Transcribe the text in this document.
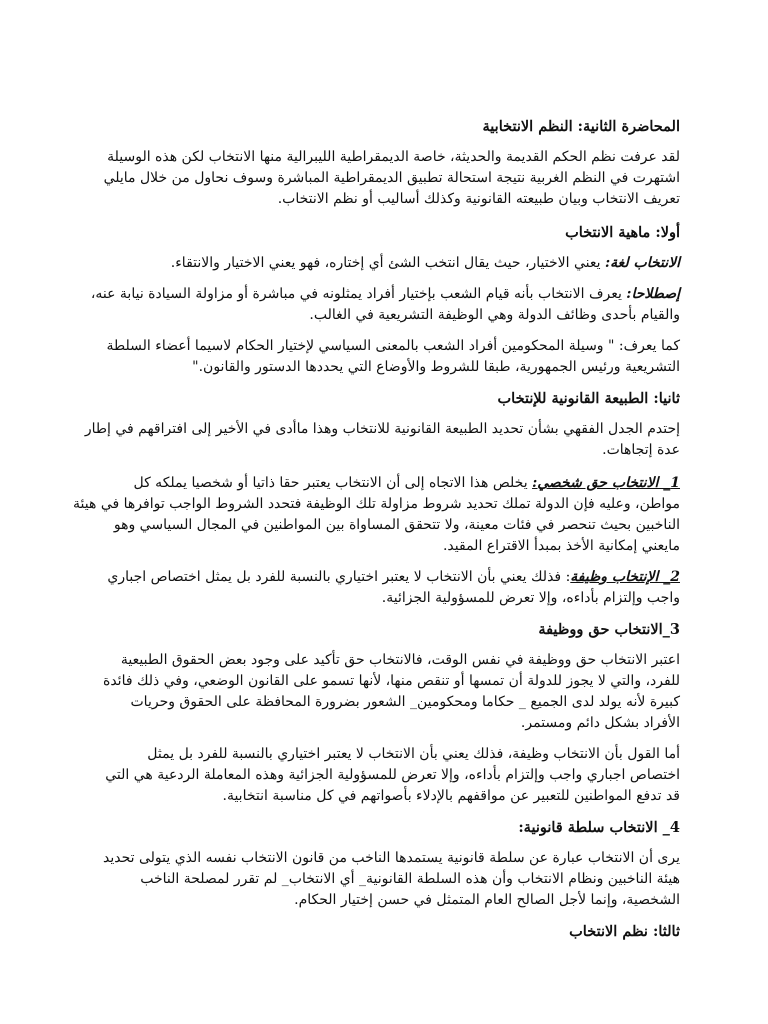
المحاضرة الثانية: النظم الانتخابية
لقد عرفت نظم الحكم القديمة والحديثة، خاصة الديمقراطية الليبرالية منها الانتخاب لكن هذه الوسيلة
اشتهرت في النظم الغربية نتيجة استحالة تطبيق الديمقراطية المباشرة وسوف نحاول من خلال مايلي
تعريف الانتخاب وبيان طبيعته القانونية وكذلك أساليب أو نظم الانتخاب.
أولا: ماهية الانتخاب
الانتخاب لغة: يعني الاختيار، حيث يقال انتخب الشئ أي إختاره، فهو يعني الاختيار والانتقاء.
إصطلاحا: يعرف الانتخاب بأنه قيام الشعب بإختيار أفراد يمثلونه في مباشرة أو مزاولة السيادة نيابة عنه،
والقيام بأحدى وظائف الدولة وهي الوظيفة التشريعية في الغالب.
كما يعرف: " وسيلة المحكومين أفراد الشعب بالمعنى السياسي لإختيار الحكام لاسيما أعضاء السلطة
التشريعية ورئيس الجمهورية، طبقا للشروط والأوضاع التي يحددها الدستور والقانون."
ثانيا: الطبيعة القانونية للإنتخاب
إحتدم الجدل الفقهي بشأن تحديد الطبيعة القانونية للانتخاب وهذا ماأدى في الأخير إلى افتراقهم في إطار
عدة إتجاهات.
1_ الانتخاب حق شخصي: يخلص هذا الاتجاه إلى أن الانتخاب يعتبر حقا ذاتيا أو شخصيا يملكه كل
مواطن، وعليه فإن الدولة تملك تحديد شروط مزاولة تلك الوظيفة فتحدد الشروط الواجب توافرها في هيئة
الناخبين بحيث تنحصر في فئات معينة، ولا تتحقق المساواة بين المواطنين في المجال السياسي وهو
مايعني إمكانية الأخذ بمبدأ الاقتراع المقيد.
2_ الإنتخاب وظيفة: فذلك يعني بأن الانتخاب لا يعتبر اختياري بالنسبة للفرد بل يمثل اختصاص اجباري
واجب وإلتزام بأداءه، وإلا تعرض للمسؤولية الجزائية.
3_الانتخاب حق ووظيفة
اعتبر الانتخاب حق ووظيفة في نفس الوقت، فالانتخاب حق تأكيد على وجود بعض الحقوق الطبيعية
للفرد، والتي لا يجوز للدولة أن تمسها أو تنقص منها، لأنها تسمو على القانون الوضعي، وفي ذلك فائدة
كبيرة لأنه يولد لدى الجميع _ حكاما ومحكومين_ الشعور بضرورة المحافظة على الحقوق وحريات
الأفراد بشكل دائم ومستمر.
أما القول بأن الانتخاب وظيفة، فذلك يعني بأن الانتخاب لا يعتبر اختياري بالنسبة للفرد بل يمثل
اختصاص اجباري واجب وإلتزام بأداءه، وإلا تعرض للمسؤولية الجزائية وهذه المعاملة الردعية هي التي
قد تدفع المواطنين للتعبير عن مواقفهم بالإدلاء بأصواتهم في كل مناسبة انتخابية.
4_ الانتخاب سلطة قانونية:
يرى أن الانتخاب عبارة عن سلطة قانونية يستمدها الناخب من قانون الانتخاب نفسه الذي يتولى تحديد
هيئة الناخبين ونظام الانتخاب وأن هذه السلطة القانونية_ أي الانتخاب_ لم تقرر لمصلحة الناخب
الشخصية، وإنما لأجل الصالح العام المتمثل في حسن إختيار الحكام.
ثالثا: نظم الانتخاب
